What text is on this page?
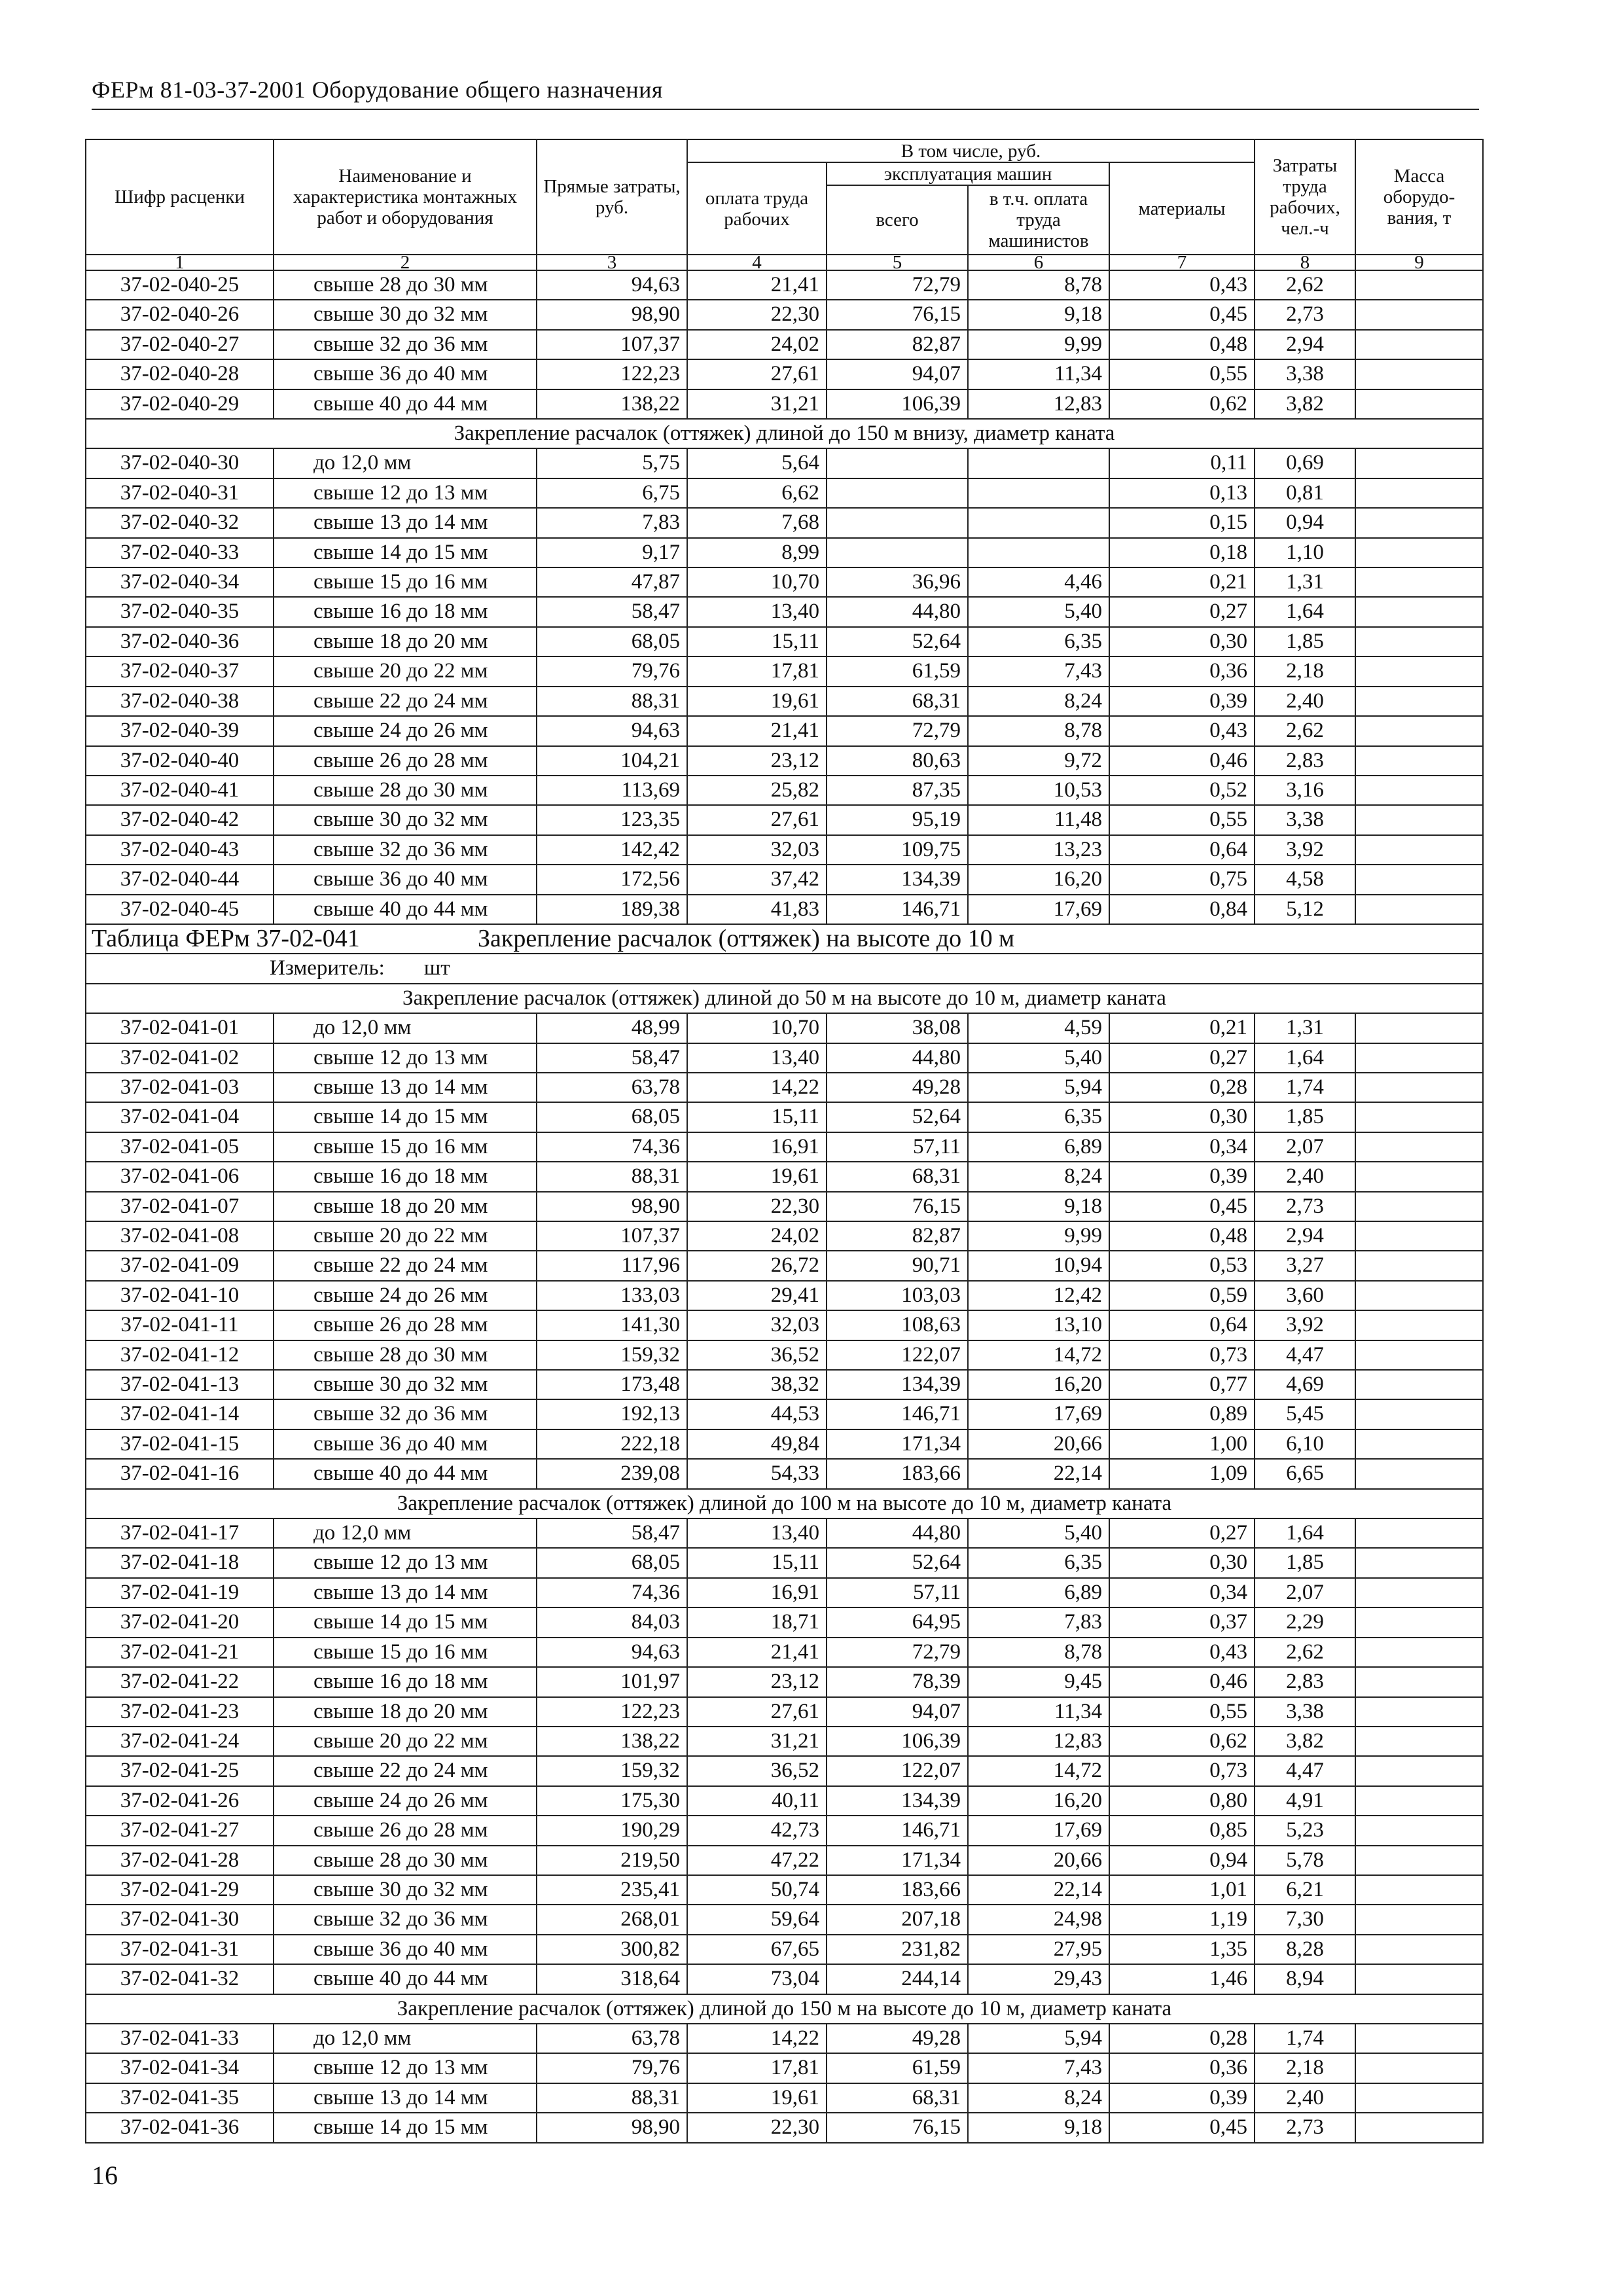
ФЕРм 81-03-37-2001 Оборудование общего назначения
Шифр расценки	Наименование и характеристика монтажных работ и оборудования	Прямые затраты, руб.	В том числе, руб.				Затраты труда рабочих, чел.-ч	Масса оборудо-вания, т
			оплата труда рабочих	эксплуатация машин		материалы		
				всего	в т.ч. оплата труда машинистов			
1	2	3	4	5	6	7	8	9
37-02-040-25	свыше 28 до 30 мм	94,63	21,41	72,79	8,78	0,43	2,62	
37-02-040-26	свыше 30 до 32 мм	98,90	22,30	76,15	9,18	0,45	2,73	
37-02-040-27	свыше 32 до 36 мм	107,37	24,02	82,87	9,99	0,48	2,94	
37-02-040-28	свыше 36 до 40 мм	122,23	27,61	94,07	11,34	0,55	3,38	
37-02-040-29	свыше 40 до 44 мм	138,22	31,21	106,39	12,83	0,62	3,82	
Закрепление расчалок (оттяжек) длиной до 150 м внизу, диаметр каната								
37-02-040-30	до 12,0 мм	5,75	5,64			0,11	0,69	
37-02-040-31	свыше 12 до 13 мм	6,75	6,62			0,13	0,81	
37-02-040-32	свыше 13 до 14 мм	7,83	7,68			0,15	0,94	
37-02-040-33	свыше 14 до 15 мм	9,17	8,99			0,18	1,10	
37-02-040-34	свыше 15 до 16 мм	47,87	10,70	36,96	4,46	0,21	1,31	
37-02-040-35	свыше 16 до 18 мм	58,47	13,40	44,80	5,40	0,27	1,64	
37-02-040-36	свыше 18 до 20 мм	68,05	15,11	52,64	6,35	0,30	1,85	
37-02-040-37	свыше 20 до 22 мм	79,76	17,81	61,59	7,43	0,36	2,18	
37-02-040-38	свыше 22 до 24 мм	88,31	19,61	68,31	8,24	0,39	2,40	
37-02-040-39	свыше 24 до 26 мм	94,63	21,41	72,79	8,78	0,43	2,62	
37-02-040-40	свыше 26 до 28 мм	104,21	23,12	80,63	9,72	0,46	2,83	
37-02-040-41	свыше 28 до 30 мм	113,69	25,82	87,35	10,53	0,52	3,16	
37-02-040-42	свыше 30 до 32 мм	123,35	27,61	95,19	11,48	0,55	3,38	
37-02-040-43	свыше 32 до 36 мм	142,42	32,03	109,75	13,23	0,64	3,92	
37-02-040-44	свыше 36 до 40 мм	172,56	37,42	134,39	16,20	0,75	4,58	
37-02-040-45	свыше 40 до 44 мм	189,38	41,83	146,71	17,69	0,84	5,12	
Таблица ФЕРм 37-02-041 Закрепление расчалок (оттяжек) на высоте до 10 м								
Измеритель: шт								
Закрепление расчалок (оттяжек) длиной до 50 м на высоте до 10 м, диаметр каната								
37-02-041-01	до 12,0 мм	48,99	10,70	38,08	4,59	0,21	1,31	
37-02-041-02	свыше 12 до 13 мм	58,47	13,40	44,80	5,40	0,27	1,64	
37-02-041-03	свыше 13 до 14 мм	63,78	14,22	49,28	5,94	0,28	1,74	
37-02-041-04	свыше 14 до 15 мм	68,05	15,11	52,64	6,35	0,30	1,85	
37-02-041-05	свыше 15 до 16 мм	74,36	16,91	57,11	6,89	0,34	2,07	
37-02-041-06	свыше 16 до 18 мм	88,31	19,61	68,31	8,24	0,39	2,40	
37-02-041-07	свыше 18 до 20 мм	98,90	22,30	76,15	9,18	0,45	2,73	
37-02-041-08	свыше 20 до 22 мм	107,37	24,02	82,87	9,99	0,48	2,94	
37-02-041-09	свыше 22 до 24 мм	117,96	26,72	90,71	10,94	0,53	3,27	
37-02-041-10	свыше 24 до 26 мм	133,03	29,41	103,03	12,42	0,59	3,60	
37-02-041-11	свыше 26 до 28 мм	141,30	32,03	108,63	13,10	0,64	3,92	
37-02-041-12	свыше 28 до 30 мм	159,32	36,52	122,07	14,72	0,73	4,47	
37-02-041-13	свыше 30 до 32 мм	173,48	38,32	134,39	16,20	0,77	4,69	
37-02-041-14	свыше 32 до 36 мм	192,13	44,53	146,71	17,69	0,89	5,45	
37-02-041-15	свыше 36 до 40 мм	222,18	49,84	171,34	20,66	1,00	6,10	
37-02-041-16	свыше 40 до 44 мм	239,08	54,33	183,66	22,14	1,09	6,65	
Закрепление расчалок (оттяжек) длиной до 100 м на высоте до 10 м, диаметр каната								
37-02-041-17	до 12,0 мм	58,47	13,40	44,80	5,40	0,27	1,64	
37-02-041-18	свыше 12 до 13 мм	68,05	15,11	52,64	6,35	0,30	1,85	
37-02-041-19	свыше 13 до 14 мм	74,36	16,91	57,11	6,89	0,34	2,07	
37-02-041-20	свыше 14 до 15 мм	84,03	18,71	64,95	7,83	0,37	2,29	
37-02-041-21	свыше 15 до 16 мм	94,63	21,41	72,79	8,78	0,43	2,62	
37-02-041-22	свыше 16 до 18 мм	101,97	23,12	78,39	9,45	0,46	2,83	
37-02-041-23	свыше 18 до 20 мм	122,23	27,61	94,07	11,34	0,55	3,38	
37-02-041-24	свыше 20 до 22 мм	138,22	31,21	106,39	12,83	0,62	3,82	
37-02-041-25	свыше 22 до 24 мм	159,32	36,52	122,07	14,72	0,73	4,47	
37-02-041-26	свыше 24 до 26 мм	175,30	40,11	134,39	16,20	0,80	4,91	
37-02-041-27	свыше 26 до 28 мм	190,29	42,73	146,71	17,69	0,85	5,23	
37-02-041-28	свыше 28 до 30 мм	219,50	47,22	171,34	20,66	0,94	5,78	
37-02-041-29	свыше 30 до 32 мм	235,41	50,74	183,66	22,14	1,01	6,21	
37-02-041-30	свыше 32 до 36 мм	268,01	59,64	207,18	24,98	1,19	7,30	
37-02-041-31	свыше 36 до 40 мм	300,82	67,65	231,82	27,95	1,35	8,28	
37-02-041-32	свыше 40 до 44 мм	318,64	73,04	244,14	29,43	1,46	8,94	
Закрепление расчалок (оттяжек) длиной до 150 м на высоте до 10 м, диаметр каната								
37-02-041-33	до 12,0 мм	63,78	14,22	49,28	5,94	0,28	1,74	
37-02-041-34	свыше 12 до 13 мм	79,76	17,81	61,59	7,43	0,36	2,18	
37-02-041-35	свыше 13 до 14 мм	88,31	19,61	68,31	8,24	0,39	2,40	
37-02-041-36	свыше 14 до 15 мм	98,90	22,30	76,15	9,18	0,45	2,73	
16
